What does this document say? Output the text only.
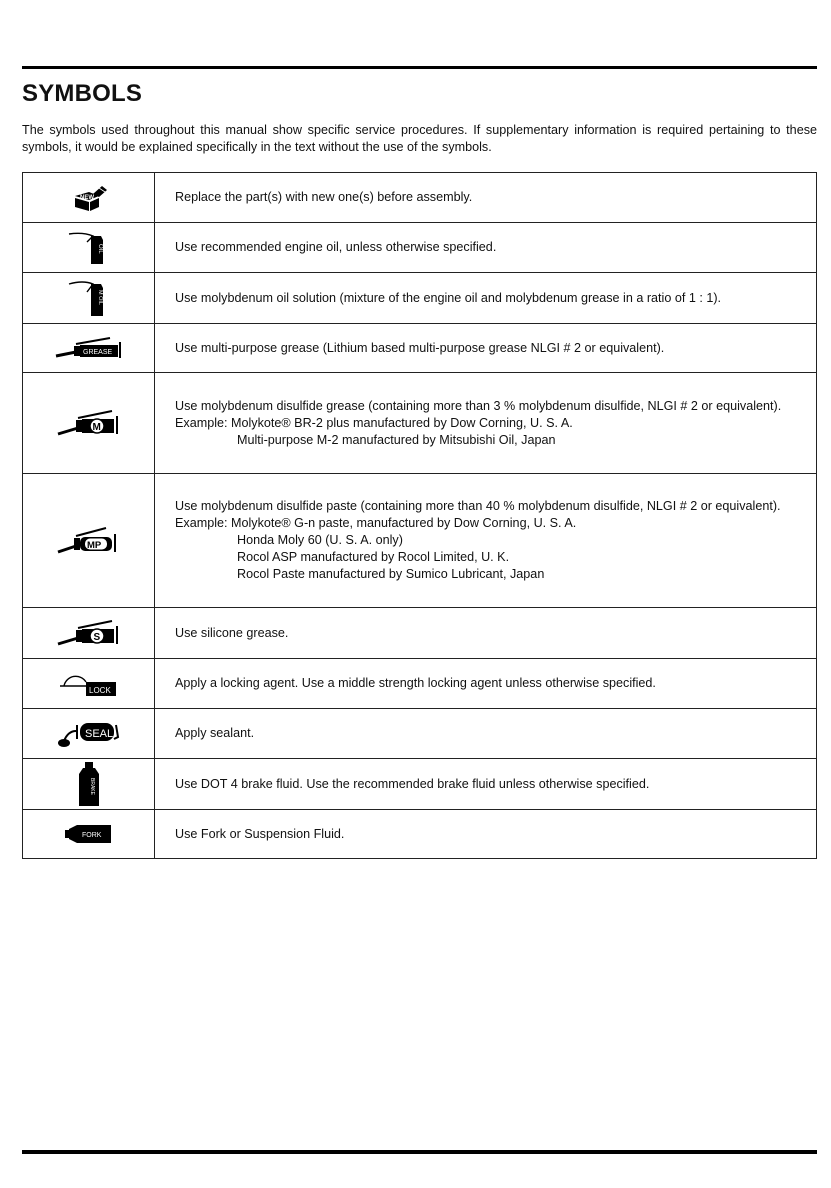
SYMBOLS

The symbols used throughout this manual show specific service procedures. If supplementary information is required pertaining to these symbols, it would be explained specifically in the text without the use of the symbols.

NEW	Replace the part(s) with new one(s) before assembly.

OIL	Use recommended engine oil, unless otherwise specified.

M OIL	Use molybdenum oil solution (mixture of the engine oil and molybdenum grease in a ratio of 1 : 1).

GREASE	Use multi-purpose grease (Lithium based multi-purpose grease NLGI # 2 or equivalent).

M	Use molybdenum disulfide grease (containing more than 3 % molybdenum disulfide, NLGI # 2 or equivalent).
Example: Molykote® BR-2 plus manufactured by Dow Corning, U. S. A.
Multi-purpose M-2 manufactured by Mitsubishi Oil, Japan

MP	Use molybdenum disulfide paste (containing more than 40 % molybdenum disulfide, NLGI # 2 or equivalent).
Example: Molykote® G-n paste, manufactured by Dow Corning, U. S. A.
Honda Moly 60 (U. S. A. only)
Rocol ASP manufactured by Rocol Limited, U. K.
Rocol Paste manufactured by Sumico Lubricant, Japan

S	Use silicone grease.

LOCK	Apply a locking agent. Use a middle strength locking agent unless otherwise specified.

SEAL	Apply sealant.

BRAKE	Use DOT 4 brake fluid. Use the recommended brake fluid unless otherwise specified.

FORK	Use Fork or Suspension Fluid.
